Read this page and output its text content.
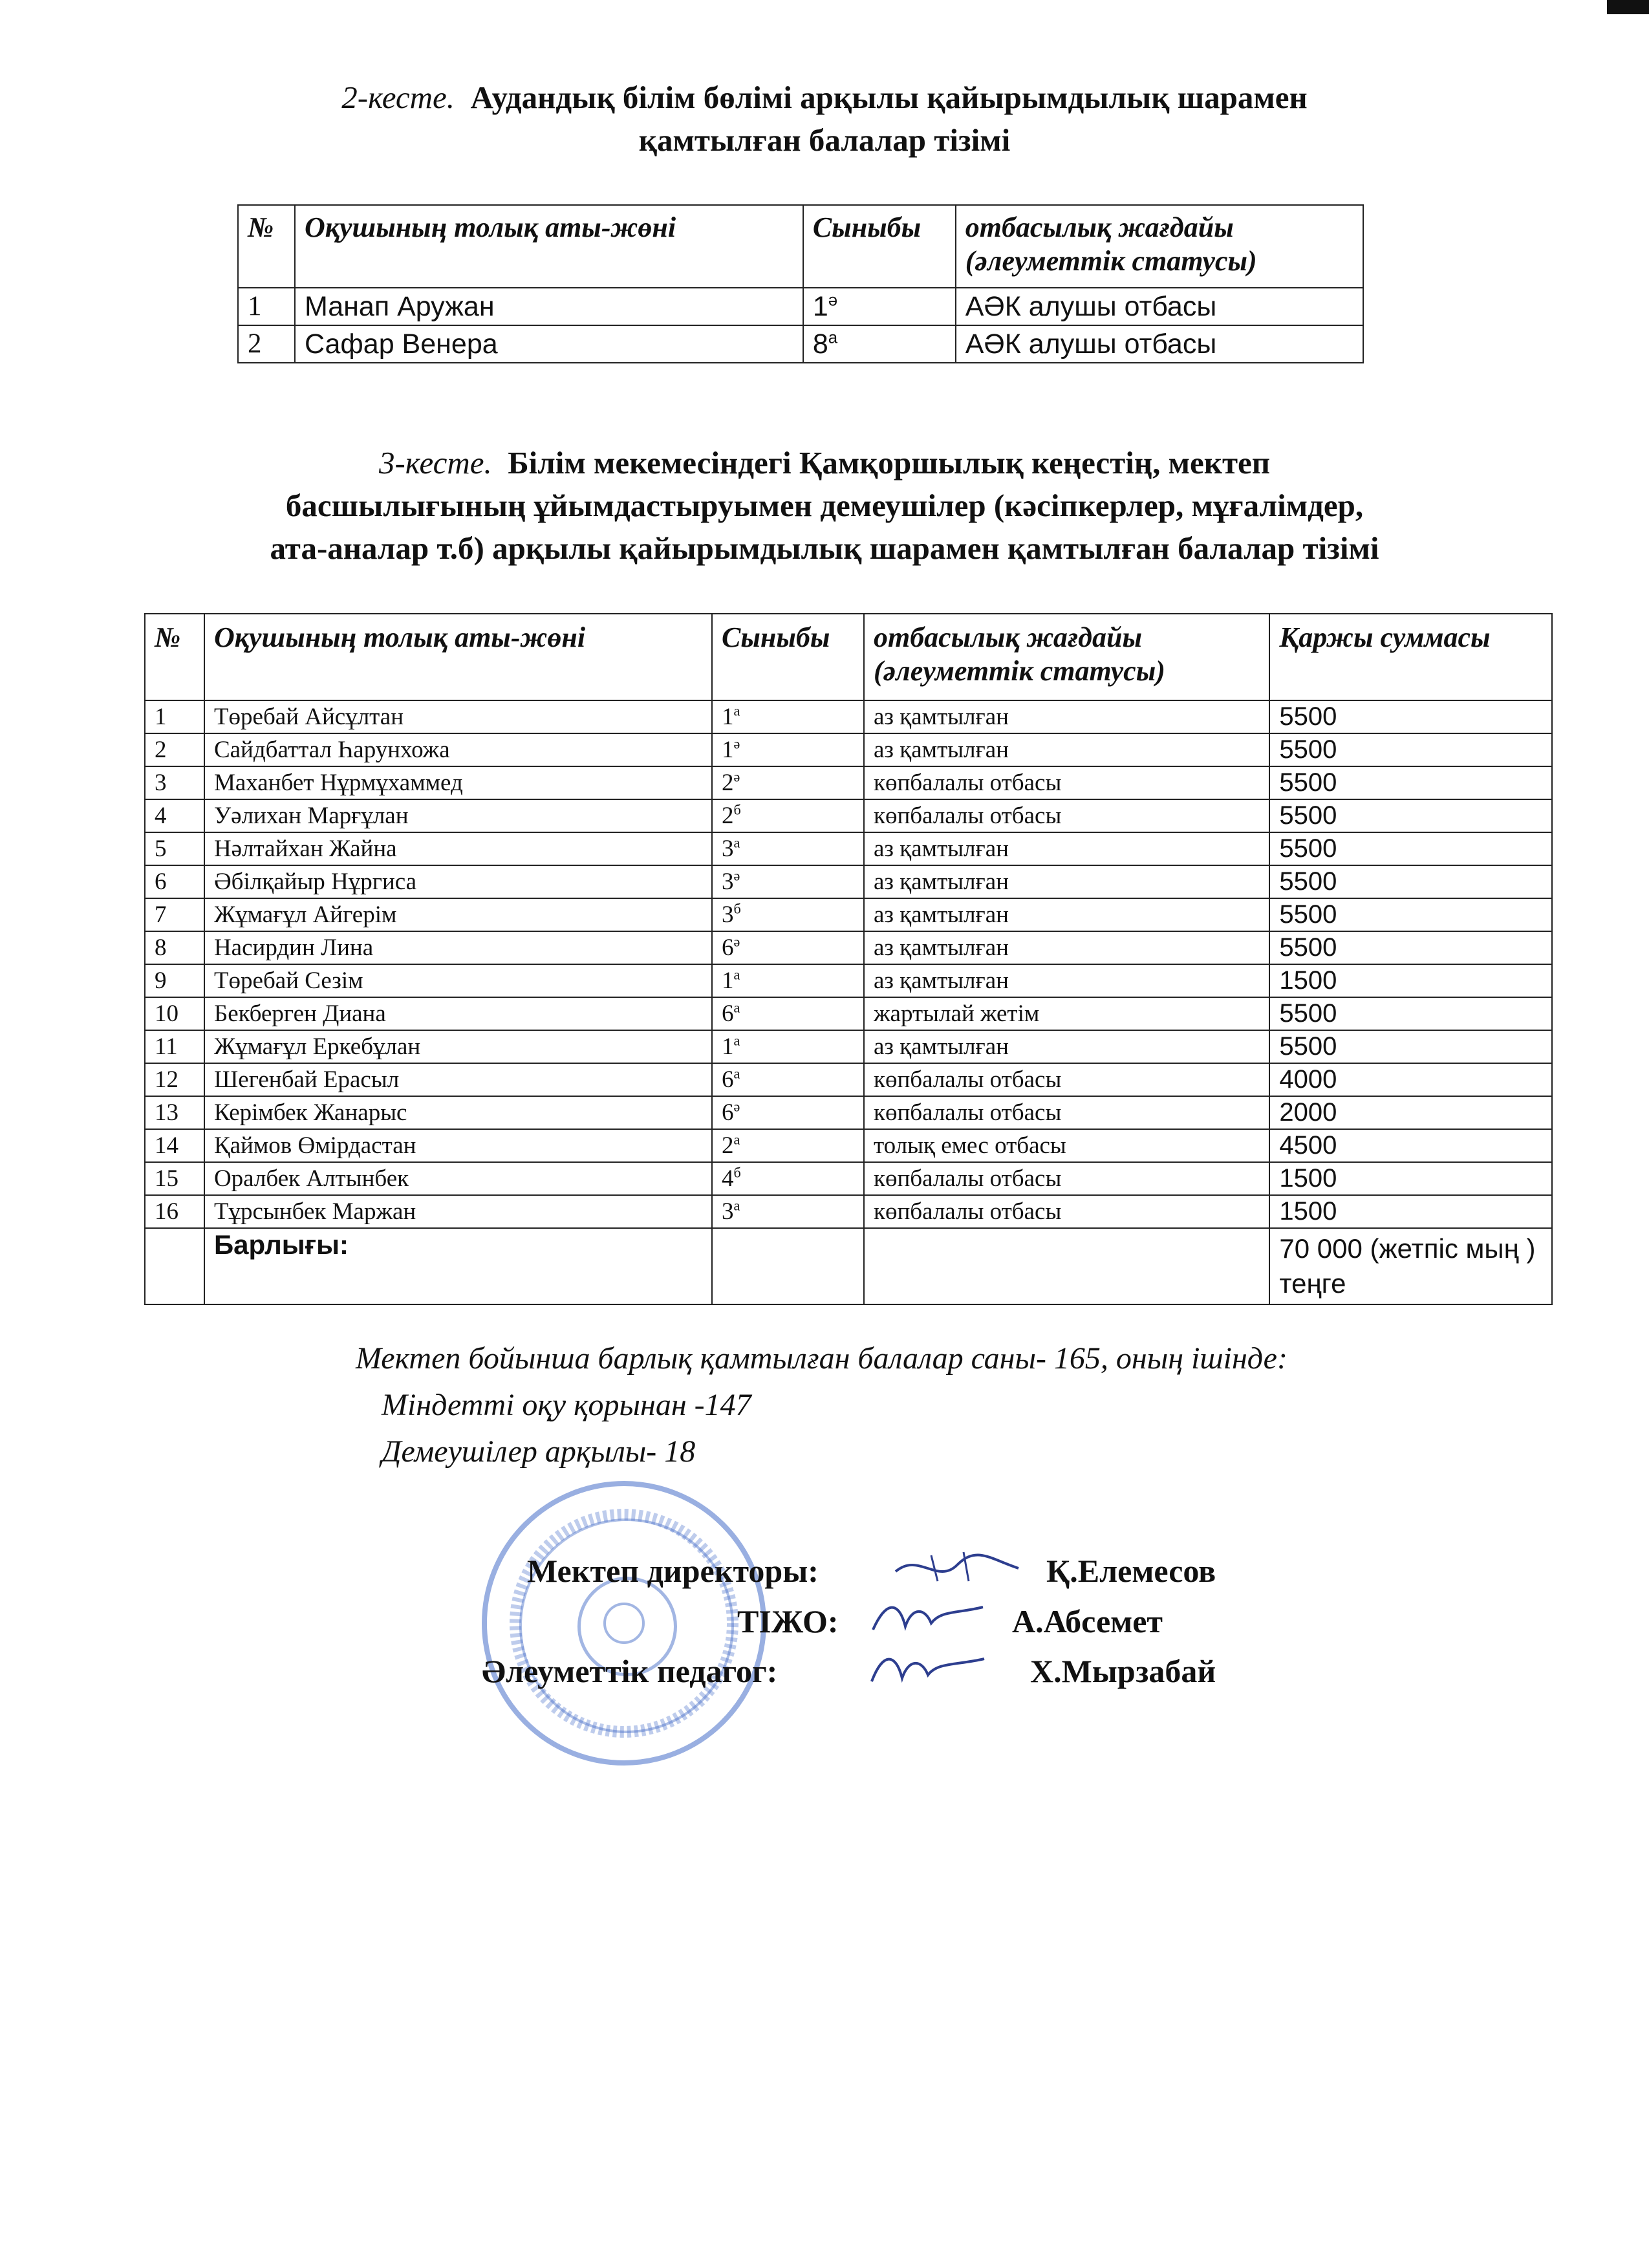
2-кесте. Аудандық білім бөлімі арқылы қайырымдылық шарамен
қамтылған балалар тізімі
№	Оқушының толық аты-жөні	Сыныбы	отбасылық жағдайы (әлеуметтік статусы)
1	Манап Аружан	$1^ә$	АӘК алушы отбасы
2	Сафар Венера	$8^а$	АӘК алушы отбасы
3-кесте. Білім мекемесіндегі Қамқоршылық кеңестің, мектеп
басшылығының ұйымдастыруымен демеушілер (кәсіпкерлер, мұғалімдер,
ата-аналар т.б) арқылы қайырымдылық шарамен қамтылған балалар тізімі
№	Оқушының толық аты-жөні	Сыныбы	отбасылық жағдайы (әлеуметтік статусы)	Қаржы суммасы
1	Төребай Айсұлтан	$1^а$	аз қамтылған	5500
2	Сайдбаттал Һарунхожа	$1^ә$	аз қамтылған	5500
3	Маханбет Нұрмұхаммед	$2^ә$	көпбалалы отбасы	5500
4	Уәлихан Марғұлан	$2^б$	көпбалалы отбасы	5500
5	Нәлтайхан Жайна	$3^а$	аз қамтылған	5500
6	Әбілқайыр Нұргиса	$3^ә$	аз қамтылған	5500
7	Жұмағұл Айгерім	$3^б$	аз қамтылған	5500
8	Насирдин Лина	$6^ә$	аз қамтылған	5500
9	Төребай Сезім	$1^а$	аз қамтылған	1500
10	Бекберген Диана	$6^а$	жартылай жетім	5500
11	Жұмағұл Еркебұлан	$1^а$	аз қамтылған	5500
12	Шегенбай Ерасыл	$6^а$	көпбалалы отбасы	4000
13	Керімбек Жанарыс	$6^ә$	көпбалалы отбасы	2000
14	Қаймов Өмірдастан	$2^а$	толық емес отбасы	4500
15	Оралбек Алтынбек	$4^б$	көпбалалы отбасы	1500
16	Тұрсынбек Маржан	$3^а$	көпбалалы отбасы	1500
	Барлығы:			70 000 (жетпіс мың ) теңге
Мектеп бойынша барлық қамтылған балалар саны- 165, оның ішінде:
Міндетті оқу қорынан -147
Демеушілер арқылы- 18
Мектеп директоры:	Қ.Елемесов
ТІЖО:	А.Абсемет
Әлеуметтік педагог:	Х.Мырзабай
